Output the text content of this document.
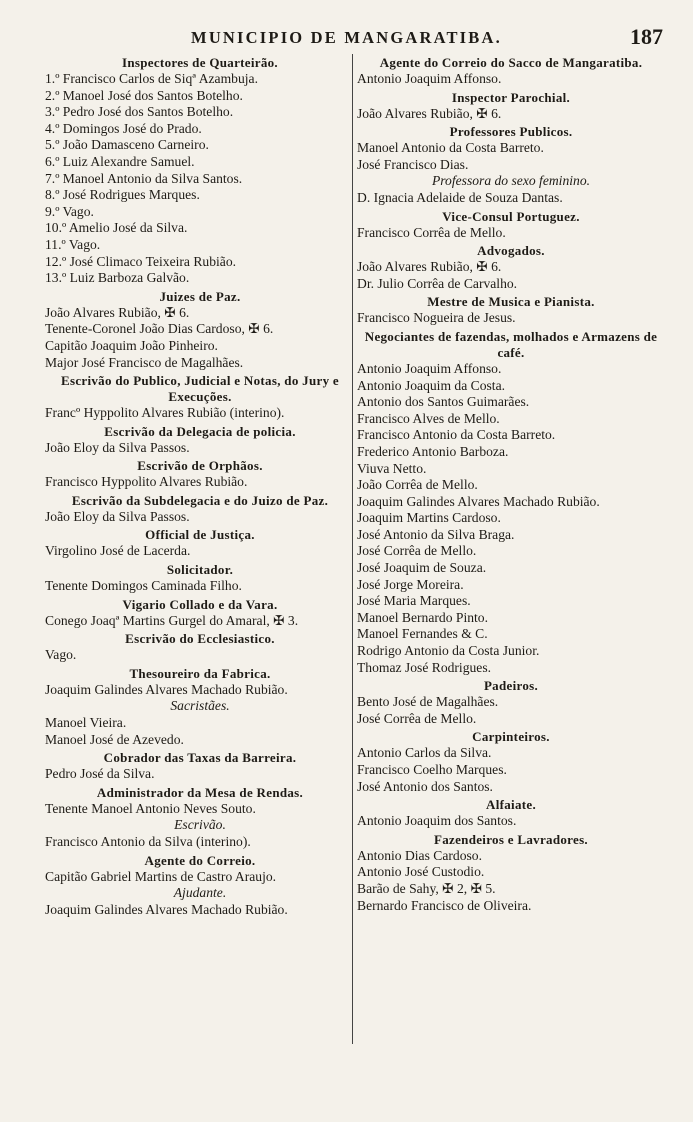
MUNICIPIO DE MANGARATIBA.	187
Inspectores de Quarteirão.
1.º Francisco Carlos de Siqª Azambuja.
2.º Manoel José dos Santos Botelho.
3.º Pedro José dos Santos Botelho.
4.º Domingos José do Prado.
5.º João Damasceno Carneiro.
6.º Luiz Alexandre Samuel.
7.º Manoel Antonio da Silva Santos.
8.º José Rodrigues Marques.
9.º Vago.
10.º Amelio José da Silva.
11.º Vago.
12.º José Climaco Teixeira Rubião.
13.º Luiz Barboza Galvão.
Juizes de Paz.
João Alvares Rubião, ✠ 6.
Tenente-Coronel João Dias Cardoso, ✠ 6.
Capitão Joaquim João Pinheiro.
Major José Francisco de Magalhães.
Escrivão do Publico, Judicial e Notas, do Jury e Execuções.
Francº Hyppolito Alvares Rubião (interino).
Escrivão da Delegacia de policia.
João Eloy da Silva Passos.
Escrivão de Orphãos.
Francisco Hyppolito Alvares Rubião.
Escrivão da Subdelegacia e do Juizo de Paz.
João Eloy da Silva Passos.
Official de Justiça.
Virgolino José de Lacerda.
Solicitador.
Tenente Domingos Caminada Filho.
Vigario Collado e da Vara.
Conego Joaqª Martins Gurgel do Amaral, ✠ 3.
Escrivão do Ecclesiastico.
Vago.
Thesoureiro da Fabrica.
Joaquim Galindes Alvares Machado Rubião.
Sacristães.
Manoel Vieira.
Manoel José de Azevedo.
Cobrador das Taxas da Barreira.
Pedro José da Silva.
Administrador da Mesa de Rendas.
Tenente Manoel Antonio Neves Souto.
Escrivão.
Francisco Antonio da Silva (interino).
Agente do Correio.
Capitão Gabriel Martins de Castro Araujo.
Ajudante.
Joaquim Galindes Alvares Machado Rubião.
Agente do Correio do Sacco de Mangaratiba.
Antonio Joaquim Affonso.
Inspector Parochial.
João Alvares Rubião, ✠ 6.
Professores Publicos.
Manoel Antonio da Costa Barreto.
José Francisco Dias.
Professora do sexo feminino.
D. Ignacia Adelaide de Souza Dantas.
Vice-Consul Portuguez.
Francisco Corrêa de Mello.
Advogados.
João Alvares Rubião, ✠ 6.
Dr. Julio Corrêa de Carvalho.
Mestre de Musica e Pianista.
Francisco Nogueira de Jesus.
Negociantes de fazendas, molhados e Armazens de café.
Antonio Joaquim Affonso.
Antonio Joaquim da Costa.
Antonio dos Santos Guimarães.
Francisco Alves de Mello.
Francisco Antonio da Costa Barreto.
Frederico Antonio Barboza.
Viuva Netto.
João Corrêa de Mello.
Joaquim Galindes Alvares Machado Rubião.
Joaquim Martins Cardoso.
José Antonio da Silva Braga.
José Corrêa de Mello.
José Joaquim de Souza.
José Jorge Moreira.
José Maria Marques.
Manoel Bernardo Pinto.
Manoel Fernandes & C.
Rodrigo Antonio da Costa Junior.
Thomaz José Rodrigues.
Padeiros.
Bento José de Magalhães.
José Corrêa de Mello.
Carpinteiros.
Antonio Carlos da Silva.
Francisco Coelho Marques.
José Antonio dos Santos.
Alfaiate.
Antonio Joaquim dos Santos.
Fazendeiros e Lavradores.
Antonio Dias Cardoso.
Antonio José Custodio.
Barão de Sahy, ✠ 2, ✠ 5.
Bernardo Francisco de Oliveira.
